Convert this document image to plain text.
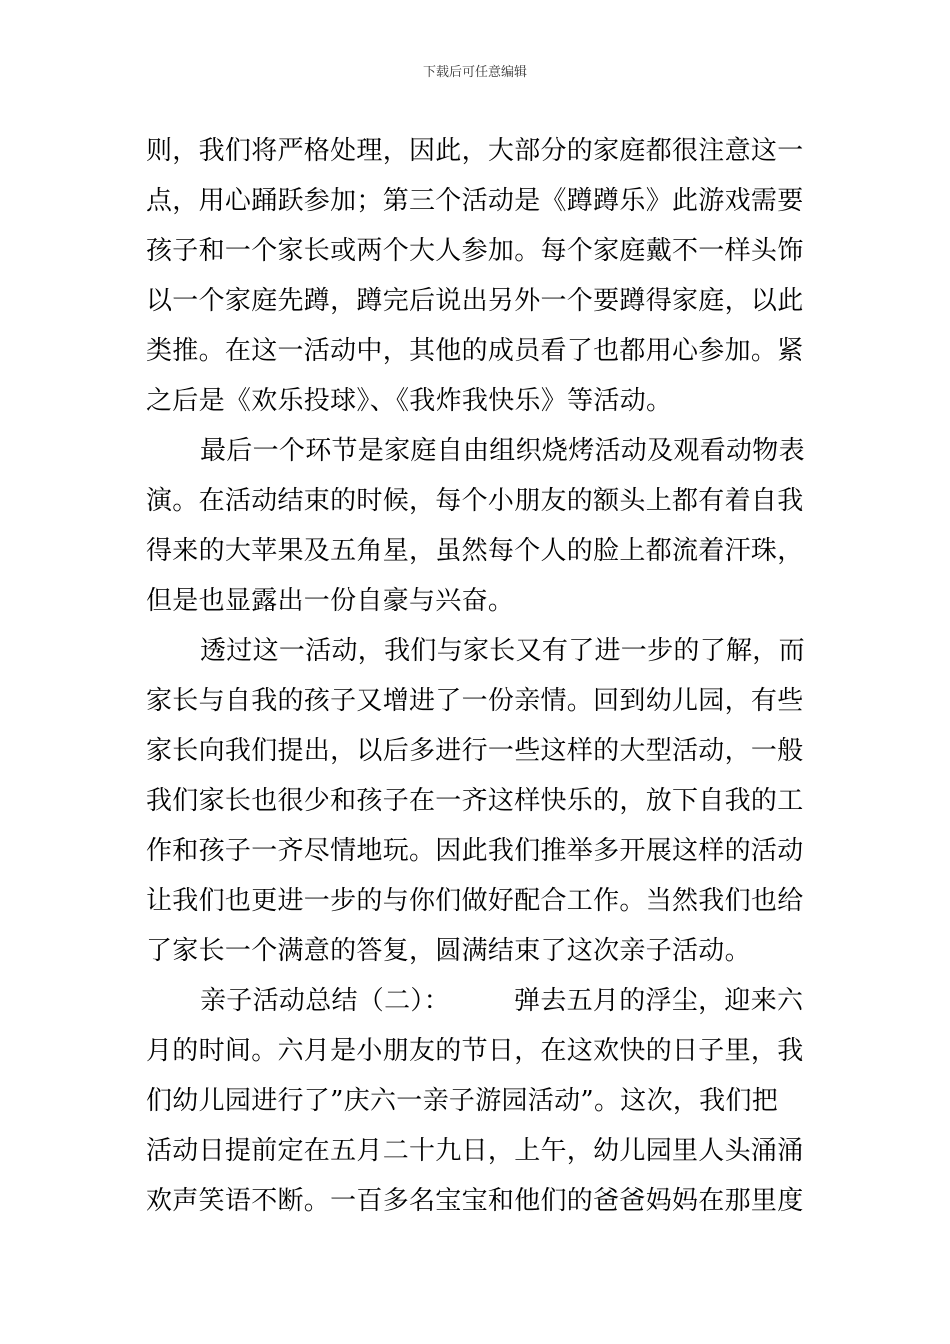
下载后可任意编辑
则，我们将严格处理，因此，大部分的家庭都很注意这一
点，用心踊跃参加；第三个活动是《蹲蹲乐》此游戏需要
孩子和一个家长或两个大人参加。每个家庭戴不一样头饰
以一个家庭先蹲，蹲完后说出另外一个要蹲得家庭，以此
类推。在这一活动中，其他的成员看了也都用心参加。紧
之后是《欢乐投球》、《我炸我快乐》等活动。
最后一个环节是家庭自由组织烧烤活动及观看动物表
演。在活动结束的时候，每个小朋友的额头上都有着自我
得来的大苹果及五角星，虽然每个人的脸上都流着汗珠，
但是也显露出一份自豪与兴奋。
透过这一活动，我们与家长又有了进一步的了解，而
家长与自我的孩子又增进了一份亲情。回到幼儿园，有些
家长向我们提出，以后多进行一些这样的大型活动，一般
我们家长也很少和孩子在一齐这样快乐的，放下自我的工
作和孩子一齐尽情地玩。因此我们推举多开展这样的活动
让我们也更进一步的与你们做好配合工作。当然我们也给
了家长一个满意的答复，圆满结束了这次亲子活动。
亲子活动总结（二）： 弹去五月的浮尘，迎来六
月的时间。六月是小朋友的节日，在这欢快的日子里，我
们幼儿园进行了”庆六一亲子游园活动”。这次，我们把
活动日提前定在五月二十九日，上午，幼儿园里人头涌涌
欢声笑语不断。一百多名宝宝和他们的爸爸妈妈在那里度
